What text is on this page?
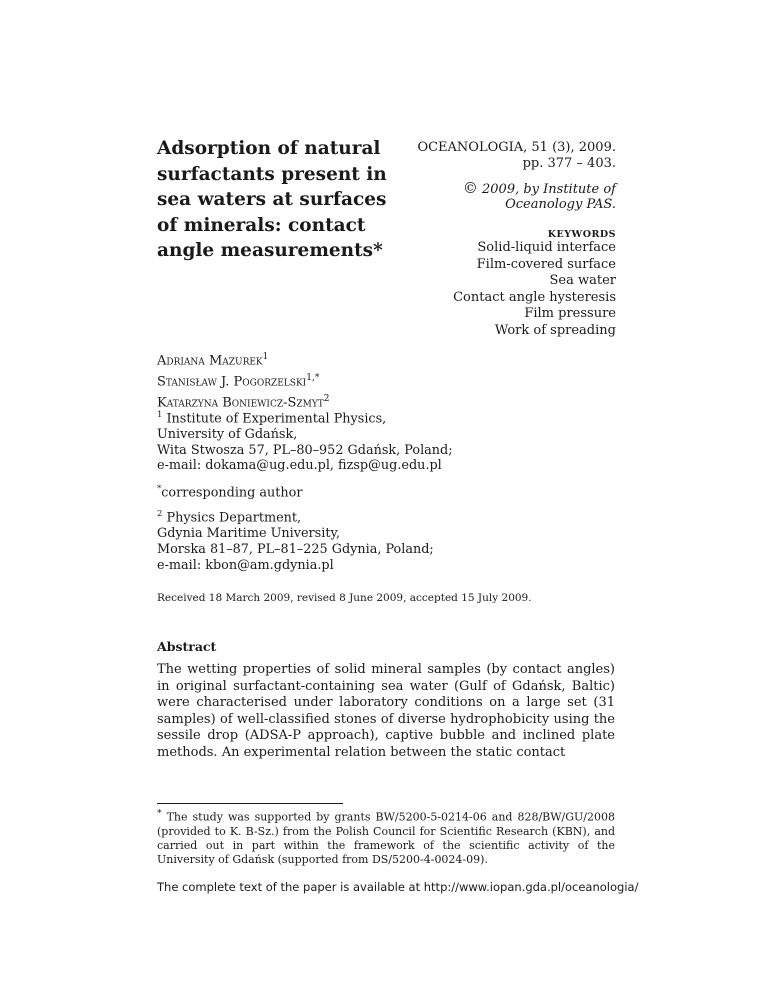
Adsorption of natural surfactants present in sea waters at surfaces of minerals: contact angle measurements*
OCEANOLOGIA, 51 (3), 2009.
pp. 377 – 403.
© 2009, by Institute of
Oceanology PAS.
KEYWORDS
Solid-liquid interface
Film-covered surface
Sea water
Contact angle hysteresis
Film pressure
Work of spreading
Adriana Mazurek$^1$
Stanisław J. Pogorzelski$^{1,*}$
Katarzyna Boniewicz-Szmyt$^2$
$^1$ Institute of Experimental Physics,
University of Gdańsk,
Wita Stwosza 57, PL–80–952 Gdańsk, Poland;
e-mail: dokama@ug.edu.pl, fizsp@ug.edu.pl
*corresponding author
$^2$ Physics Department,
Gdynia Maritime University,
Morska 81–87, PL–81–225 Gdynia, Poland;
e-mail: kbon@am.gdynia.pl
Received 18 March 2009, revised 8 June 2009, accepted 15 July 2009.
Abstract
The wetting properties of solid mineral samples (by contact angles) in original surfactant-containing sea water (Gulf of Gdańsk, Baltic) were characterised under laboratory conditions on a large set (31 samples) of well-classified stones of diverse hydrophobicity using the sessile drop (ADSA-P approach), captive bubble and inclined plate methods. An experimental relation between the static contact
* The study was supported by grants BW/5200-5-0214-06 and 828/BW/GU/2008 (provided to K. B-Sz.) from the Polish Council for Scientific Research (KBN), and carried out in part within the framework of the scientific activity of the University of Gdańsk (supported from DS/5200-4-0024-09).
The complete text of the paper is available at http://www.iopan.gda.pl/oceanologia/
